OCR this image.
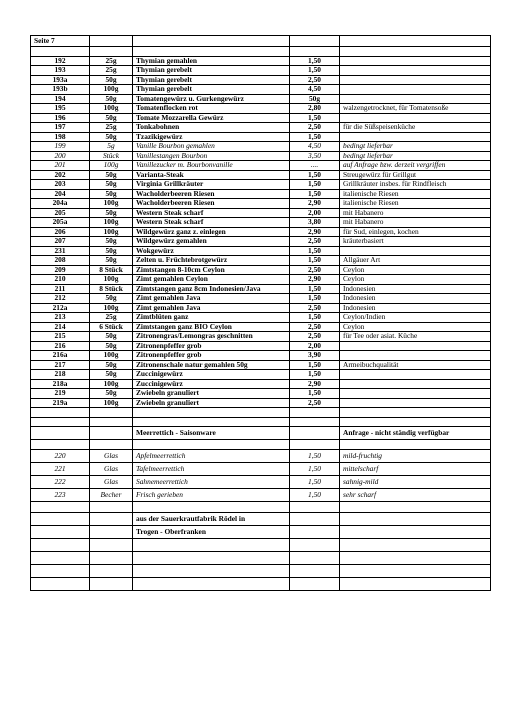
Seite 7				

192	25g	Thymian gemahlen	1,50	
193	25g	Thymian gerebelt	1,50	
193a	50g	Thymian gerebelt	2,50	
193b	100g	Thymian gerebelt	4,50	
194	50g	Tomatengewürz u. Gurkengewürz	50g	
195	100g	Tomatenflocken rot	2,80	walzengetrocknet, für Tomatensoße
196	50g	Tomate Mozzarella Gewürz	1,50	
197	25g	Tonkabohnen	2,50	für die Süßspeisenküche
198	50g	Tzazikigewürz	1,50	
199	5g	Vanille Bourbon gemahlen	4,50	bedingt lieferbar
200	Stück	Vanillestangen Bourbon	3,50	bedingt lieferbar
201	100g	Vanillezucker m. Bourbonvanille	....	auf Anfrage bzw. derzeit vergriffen
202	50g	Varianta-Steak	1,50	Streugewürz für Grillgut
203	50g	Virginia Grillkräuter	1,50	Grillkräuter insbes. für Rindfleisch
204	50g	Wacholderbeeren Riesen	1,50	italienische Riesen
204a	100g	Wacholderbeeren Riesen	2,90	italienische Riesen
205	50g	Western Steak scharf	2,00	mit Habanero
205a	100g	Western Steak scharf	3,80	mit Habanero
206	100g	Wildgewürz ganz z. einlegen	2,90	für Sud, einlegen, kochen
207	50g	Wildgewürz gemahlen	2,50	kräuterbasiert
231	50g	Wokgewürz	1,50	
208	50g	Zelten u. Früchtebrotgewürz	1,50	Allgäuer Art
209	8 Stück	Zimtstangen 8-10cm Ceylon	2,50	Ceylon
210	100g	Zimt gemahlen Ceylon	2,90	Ceylon
211	8 Stück	Zimtstangen ganz 8cm Indonesien/Java	1,50	Indonesien
212	50g	Zimt gemahlen Java	1,50	Indonesien
212a	100g	Zimt gemahlen Java	2,50	Indonesien
213	25g	Zimtblüten ganz	1,50	Ceylon/Indien
214	6 Stück	Zimtstangen ganz BIO Ceylon	2,50	Ceylon
215	50g	Zitronengras/Lemongras geschnitten	2,50	für Tee oder asiat. Küche
216	50g	Zitronenpfeffer grob	2,00	
216a	100g	Zitronenpfeffer grob	3,90	
217	50g	Zitronenschale natur gemahlen 50g	1,50	Armeibuchqualität
218	50g	Zuccinigewürz	1,50	
218a	100g	Zuccinigewürz	2,90	
219	50g	Zwiebeln granuliert	1,50	
219a	100g	Zwiebeln granuliert	2,50	

		Meerrettich - Saisonware		Anfrage - nicht ständig verfügbar

220	Glas	Apfelmeerrettich	1,50	mild-fruchtig
221	Glas	Tafelmeerrettich	1,50	mittelscharf
222	Glas	Sahnemeerrettich	1,50	sahnig-mild
223	Becher	Frisch gerieben	1,50	sehr scharf

		aus der Sauerkrautfabrik Rödel in		
		Trogen - Oberfranken		
